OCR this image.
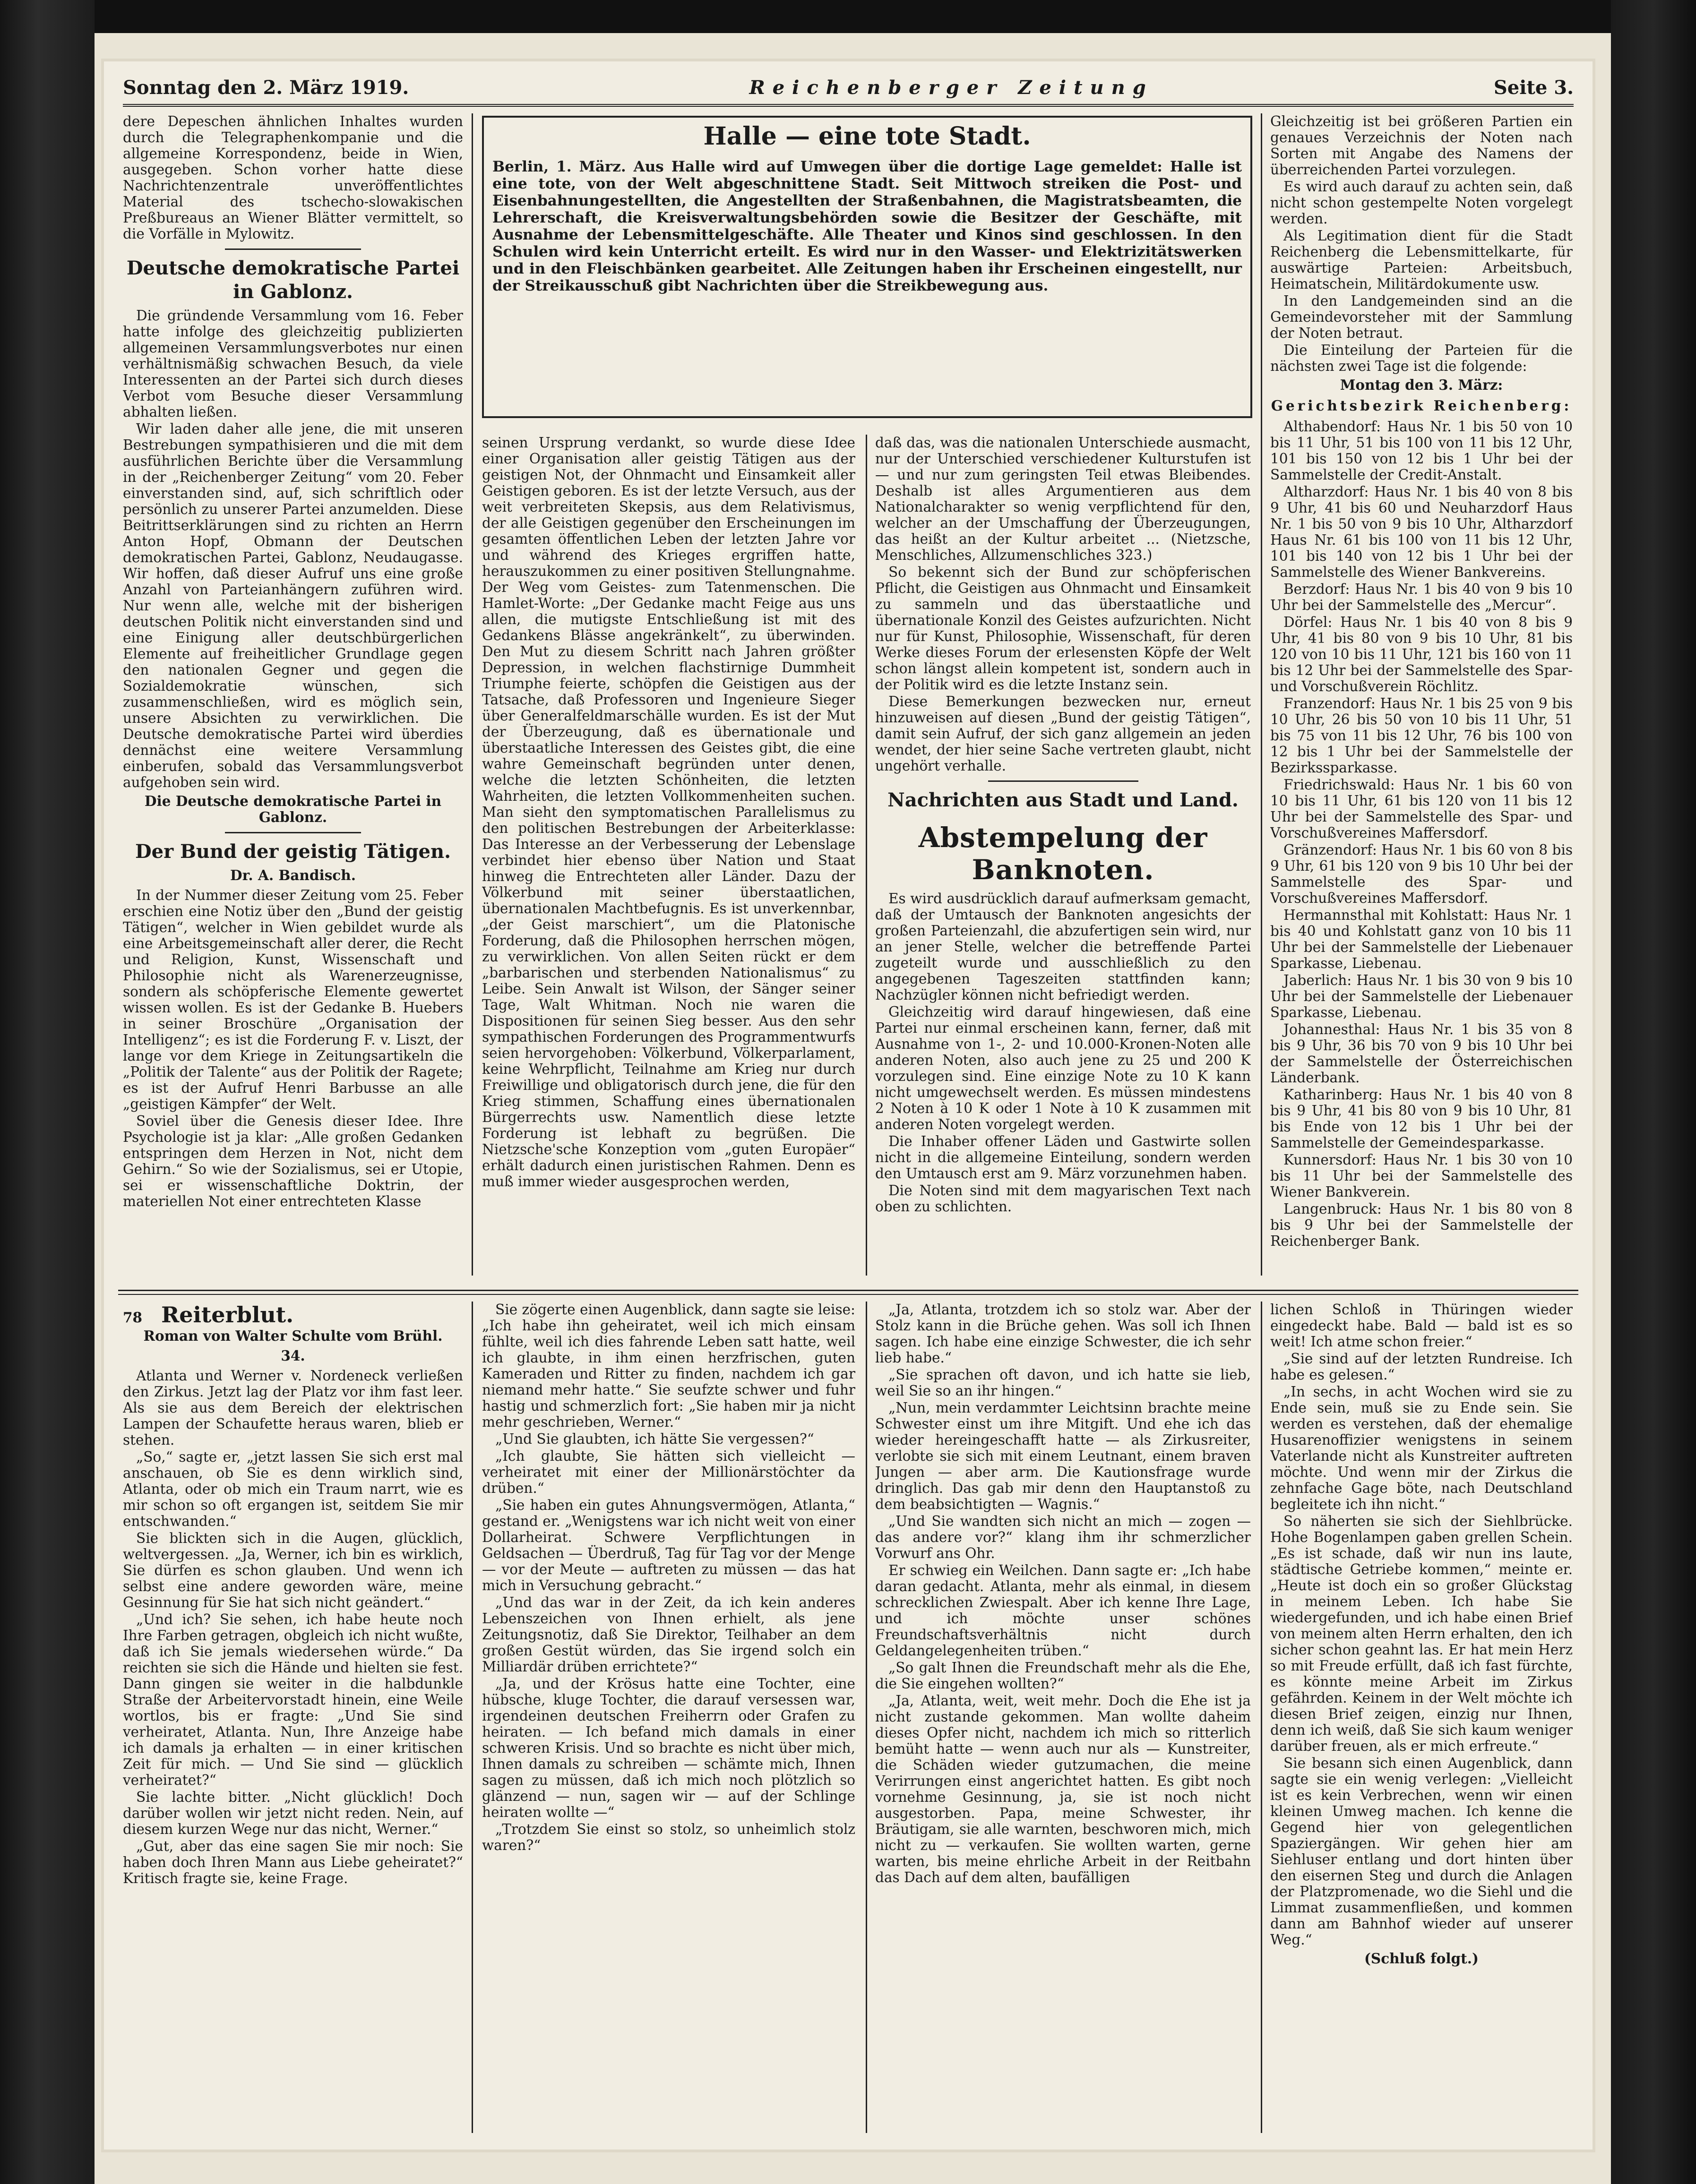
Sonntag den 2. März 1919.	Reichenberger Zeitung	Seite 3.

dere Depeschen ähnlichen Inhaltes wurden durch die Telegraphenkompanie und die allgemeine Korrespondenz, beide in Wien, ausgegeben. Schon vorher hatte diese Nachrichtenzentrale unveröffentlichtes Material des tschecho-slowakischen Preßbureaus an Wiener Blätter vermittelt, so die Vorfälle in Mylowitz.

Deutsche demokratische Partei in Gablonz.

Die gründende Versammlung vom 16. Feber hatte infolge des gleichzeitig publizierten allgemeinen Versammlungsverbotes nur einen verhältnismäßig schwachen Besuch, da viele Interessenten an der Partei sich durch dieses Verbot vom Besuche dieser Versammlung abhalten ließen.

Wir laden daher alle jene, die mit unseren Bestrebungen sympathisieren und die mit dem ausführlichen Berichte über die Versammlung in der „Reichenberger Zeitung“ vom 20. Feber einverstanden sind, auf, sich schriftlich oder persönlich zu unserer Partei anzumelden. Diese Beitrittserklärungen sind zu richten an Herrn Anton Hopf, Obmann der Deutschen demokratischen Partei, Gablonz, Neudaugasse. Wir hoffen, daß dieser Aufruf uns eine große Anzahl von Parteianhängern zuführen wird. Nur wenn alle, welche mit der bisherigen deutschen Politik nicht einverstanden sind und eine Einigung aller deutschbürgerlichen Elemente auf freiheitlicher Grundlage gegen den nationalen Gegner und gegen die Sozialdemokratie wünschen, sich zusammenschließen, wird es möglich sein, unsere Absichten zu verwirklichen. Die Deutsche demokratische Partei wird überdies dennächst eine weitere Versammlung einberufen, sobald das Versammlungsverbot aufgehoben sein wird.

Die Deutsche demokratische Partei in Gablonz.

Der Bund der geistig Tätigen.

Dr. A. Bandisch.

In der Nummer dieser Zeitung vom 25. Feber erschien eine Notiz über den „Bund der geistig Tätigen“, welcher in Wien gebildet wurde als eine Arbeitsgemeinschaft aller derer, die Recht und Religion, Kunst, Wissenschaft und Philosophie nicht als Warenerzeugnisse, sondern als schöpferische Elemente gewertet wissen wollen. Es ist der Gedanke B. Huebers in seiner Broschüre „Organisation der Intelligenz“; es ist die Forderung F. v. Liszt, der lange vor dem Kriege in Zeitungsartikeln die „Politik der Talente“ aus der Politik der Ragete; es ist der Aufruf Henri Barbusse an alle „geistigen Kämpfer“ der Welt.

Soviel über die Genesis dieser Idee. Ihre Psychologie ist ja klar: „Alle großen Gedanken entspringen dem Herzen in Not, nicht dem Gehirn.“ So wie der Sozialismus, sei er Utopie, sei er wissenschaftliche Doktrin, der materiellen Not einer entrechteten Klasse

Halle — eine tote Stadt.
Berlin, 1. März. Aus Halle wird auf Umwegen über die dortige Lage gemeldet: Halle ist eine tote, von der Welt abgeschnittene Stadt. Seit Mittwoch streiken die Post- und Eisenbahnungestellten, die Angestellten der Straßenbahnen, die Magistratsbeamten, die Lehrerschaft, die Kreisverwaltungsbehörden sowie die Besitzer der Geschäfte, mit Ausnahme der Lebensmittelgeschäfte. Alle Theater und Kinos sind geschlossen. In den Schulen wird kein Unterricht erteilt. Es wird nur in den Wasser- und Elektrizitätswerken und in den Fleischbänken gearbeitet. Alle Zeitungen haben ihr Erscheinen eingestellt, nur der Streikausschuß gibt Nachrichten über die Streikbewegung aus.

seinen Ursprung verdankt, so wurde diese Idee einer Organisation aller geistig Tätigen aus der geistigen Not, der Ohnmacht und Einsamkeit aller Geistigen geboren. Es ist der letzte Versuch, aus der weit verbreiteten Skepsis, aus dem Relativismus, der alle Geistigen gegenüber den Erscheinungen im gesamten öffentlichen Leben der letzten Jahre vor und während des Krieges ergriffen hatte, herauszukommen zu einer positiven Stellungnahme. Der Weg vom Geistes- zum Tatenmenschen. Die Hamlet-Worte: „Der Gedanke macht Feige aus uns allen, die mutigste Entschließung ist mit des Gedankens Blässe angekränkelt“, zu überwinden. Den Mut zu diesem Schritt nach Jahren größter Depression, in welchen flachstirnige Dummheit Triumphe feierte, schöpfen die Geistigen aus der Tatsache, daß Professoren und Ingenieure Sieger über Generalfeldmarschälle wurden. Es ist der Mut der Überzeugung, daß es übernationale und überstaatliche Interessen des Geistes gibt, die eine wahre Gemeinschaft begründen unter denen, welche die letzten Schönheiten, die letzten Wahrheiten, die letzten Vollkommenheiten suchen. Man sieht den symptomatischen Parallelismus zu den politischen Bestrebungen der Arbeiterklasse: Das Interesse an der Verbesserung der Lebenslage verbindet hier ebenso über Nation und Staat hinweg die Entrechteten aller Länder. Dazu der Völkerbund mit seiner überstaatlichen, übernationalen Machtbefugnis. Es ist unverkennbar, „der Geist marschiert“, um die Platonische Forderung, daß die Philosophen herrschen mögen, zu verwirklichen. Von allen Seiten rückt er dem „barbarischen und sterbenden Nationalismus“ zu Leibe. Sein Anwalt ist Wilson, der Sänger seiner Tage, Walt Whitman. Noch nie waren die Dispositionen für seinen Sieg besser. Aus den sehr sympathischen Forderungen des Programmentwurfs seien hervorgehoben: Völkerbund, Völkerparlament, keine Wehrpflicht, Teilnahme am Krieg nur durch Freiwillige und obligatorisch durch jene, die für den Krieg stimmen, Schaffung eines übernationalen Bürgerrechts usw. Namentlich diese letzte Forderung ist lebhaft zu begrüßen. Die Nietzsche'sche Konzeption vom „guten Europäer“ erhält dadurch einen juristischen Rahmen. Denn es muß immer wieder ausgesprochen werden,

daß das, was die nationalen Unterschiede ausmacht, nur der Unterschied verschiedener Kulturstufen ist — und nur zum geringsten Teil etwas Bleibendes. Deshalb ist alles Argumentieren aus dem Nationalcharakter so wenig verpflichtend für den, welcher an der Umschaffung der Überzeugungen, das heißt an der Kultur arbeitet ... (Nietzsche, Menschliches, Allzumenschliches 323.)

So bekennt sich der Bund zur schöpferischen Pflicht, die Geistigen aus Ohnmacht und Einsamkeit zu sammeln und das überstaatliche und übernationale Konzil des Geistes aufzurichten. Nicht nur für Kunst, Philosophie, Wissenschaft, für deren Werke dieses Forum der erlesensten Köpfe der Welt schon längst allein kompetent ist, sondern auch in der Politik wird es die letzte Instanz sein.

Diese Bemerkungen bezwecken nur, erneut hinzuweisen auf diesen „Bund der geistig Tätigen“, damit sein Aufruf, der sich ganz allgemein an jeden wendet, der hier seine Sache vertreten glaubt, nicht ungehört verhalle.

Nachrichten aus Stadt und Land.
Abstempelung der Banknoten.

Es wird ausdrücklich darauf aufmerksam gemacht, daß der Umtausch der Banknoten angesichts der großen Parteienzahl, die abzufertigen sein wird, nur an jener Stelle, welcher die betreffende Partei zugeteilt wurde und ausschließlich zu den angegebenen Tageszeiten stattfinden kann; Nachzügler können nicht befriedigt werden.

Gleichzeitig wird darauf hingewiesen, daß eine Partei nur einmal erscheinen kann, ferner, daß mit Ausnahme von 1-, 2- und 10.000-Kronen-Noten alle anderen Noten, also auch jene zu 25 und 200 K vorzulegen sind. Eine einzige Note zu 10 K kann nicht umgewechselt werden. Es müssen mindestens 2 Noten à 10 K oder 1 Note à 10 K zusammen mit anderen Noten vorgelegt werden.

Die Inhaber offener Läden und Gastwirte sollen nicht in die allgemeine Einteilung, sondern werden den Umtausch erst am 9. März vorzunehmen haben.

Die Noten sind mit dem magyarischen Text nach oben zu schlichten.

Gleichzeitig ist bei größeren Partien ein genaues Verzeichnis der Noten nach Sorten mit Angabe des Namens der überreichenden Partei vorzulegen.

Es wird auch darauf zu achten sein, daß nicht schon gestempelte Noten vorgelegt werden.

Als Legitimation dient für die Stadt Reichenberg die Lebensmittelkarte, für auswärtige Parteien: Arbeitsbuch, Heimatschein, Militärdokumente usw.

In den Landgemeinden sind an die Gemeindevorsteher mit der Sammlung der Noten betraut.

Die Einteilung der Parteien für die nächsten zwei Tage ist die folgende:

Montag den 3. März:

Gerichtsbezirk Reichenberg:

Althabendorf: Haus Nr. 1 bis 50 von 10 bis 11 Uhr, 51 bis 100 von 11 bis 12 Uhr, 101 bis 150 von 12 bis 1 Uhr bei der Sammelstelle der Credit-Anstalt.
Altharzdorf: Haus Nr. 1 bis 40 von 8 bis 9 Uhr, 41 bis 60 und Neuharzdorf Haus Nr. 1 bis 50 von 9 bis 10 Uhr, Altharzdorf Haus Nr. 61 bis 100 von 11 bis 12 Uhr, 101 bis 140 von 12 bis 1 Uhr bei der Sammelstelle des Wiener Bankvereins.
Berzdorf: Haus Nr. 1 bis 40 von 9 bis 10 Uhr bei der Sammelstelle des „Mercur“.
Dörfel: Haus Nr. 1 bis 40 von 8 bis 9 Uhr, 41 bis 80 von 9 bis 10 Uhr, 81 bis 120 von 10 bis 11 Uhr, 121 bis 160 von 11 bis 12 Uhr bei der Sammelstelle des Spar- und Vorschußverein Röchlitz.
Franzendorf: Haus Nr. 1 bis 25 von 9 bis 10 Uhr, 26 bis 50 von 10 bis 11 Uhr, 51 bis 75 von 11 bis 12 Uhr, 76 bis 100 von 12 bis 1 Uhr bei der Sammelstelle der Bezirkssparkasse.
Friedrichswald: Haus Nr. 1 bis 60 von 10 bis 11 Uhr, 61 bis 120 von 11 bis 12 Uhr bei der Sammelstelle des Spar- und Vorschußvereines Maffersdorf.
Gränzendorf: Haus Nr. 1 bis 60 von 8 bis 9 Uhr, 61 bis 120 von 9 bis 10 Uhr bei der Sammelstelle des Spar- und Vorschußvereines Maffersdorf.
Hermannsthal mit Kohlstatt: Haus Nr. 1 bis 40 und Kohlstatt ganz von 10 bis 11 Uhr bei der Sammelstelle der Liebenauer Sparkasse, Liebenau.
Jaberlich: Haus Nr. 1 bis 30 von 9 bis 10 Uhr bei der Sammelstelle der Liebenauer Sparkasse, Liebenau.
Johannesthal: Haus Nr. 1 bis 35 von 8 bis 9 Uhr, 36 bis 70 von 9 bis 10 Uhr bei der Sammelstelle der Österreichischen Länderbank.
Katharinberg: Haus Nr. 1 bis 40 von 8 bis 9 Uhr, 41 bis 80 von 9 bis 10 Uhr, 81 bis Ende von 12 bis 1 Uhr bei der Sammelstelle der Gemeindesparkasse.
Kunnersdorf: Haus Nr. 1 bis 30 von 10 bis 11 Uhr bei der Sammelstelle des Wiener Bankverein.
Langenbruck: Haus Nr. 1 bis 80 von 8 bis 9 Uhr bei der Sammelstelle der Reichenberger Bank.
78 Reiterblut.

Roman von Walter Schulte vom Brühl.

34.

Atlanta und Werner v. Nordeneck verließen den Zirkus. Jetzt lag der Platz vor ihm fast leer. Als sie aus dem Bereich der elektrischen Lampen der Schaufette heraus waren, blieb er stehen.

„So,“ sagte er, „jetzt lassen Sie sich erst mal anschauen, ob Sie es denn wirklich sind, Atlanta, oder ob mich ein Traum narrt, wie es mir schon so oft ergangen ist, seitdem Sie mir entschwanden.“

Sie blickten sich in die Augen, glücklich, weltvergessen. „Ja, Werner, ich bin es wirklich, Sie dürfen es schon glauben. Und wenn ich selbst eine andere geworden wäre, meine Gesinnung für Sie hat sich nicht geändert.“

„Und ich? Sie sehen, ich habe heute noch Ihre Farben getragen, obgleich ich nicht wußte, daß ich Sie jemals wiedersehen würde.“ Da reichten sie sich die Hände und hielten sie fest. Dann gingen sie weiter in die halbdunkle Straße der Arbeitervorstadt hinein, eine Weile wortlos, bis er fragte: „Und Sie sind verheiratet, Atlanta. Nun, Ihre Anzeige habe ich damals ja erhalten — in einer kritischen Zeit für mich. — Und Sie sind — glücklich verheiratet?“

Sie lachte bitter. „Nicht glücklich! Doch darüber wollen wir jetzt nicht reden. Nein, auf diesem kurzen Wege nur das nicht, Werner.“

„Gut, aber das eine sagen Sie mir noch: Sie haben doch Ihren Mann aus Liebe geheiratet?“ Kritisch fragte sie, keine Frage.

Sie zögerte einen Augenblick, dann sagte sie leise: „Ich habe ihn geheiratet, weil ich mich einsam fühlte, weil ich dies fahrende Leben satt hatte, weil ich glaubte, in ihm einen herzfrischen, guten Kameraden und Ritter zu finden, nachdem ich gar niemand mehr hatte.“ Sie seufzte schwer und fuhr hastig und schmerzlich fort: „Sie haben mir ja nicht mehr geschrieben, Werner.“

„Und Sie glaubten, ich hätte Sie vergessen?“

„Ich glaubte, Sie hätten sich vielleicht — verheiratet mit einer der Millionärstöchter da drüben.“

„Sie haben ein gutes Ahnungsvermögen, Atlanta,“ gestand er. „Wenigstens war ich nicht weit von einer Dollarheirat. Schwere Verpflichtungen in Geldsachen — Überdruß, Tag für Tag vor der Menge — vor der Meute — auftreten zu müssen — das hat mich in Versuchung gebracht.“

„Und das war in der Zeit, da ich kein anderes Lebenszeichen von Ihnen erhielt, als jene Zeitungsnotiz, daß Sie Direktor, Teilhaber an dem großen Gestüt würden, das Sie irgend solch ein Milliardär drüben errichtete?“

„Ja, und der Krösus hatte eine Tochter, eine hübsche, kluge Tochter, die darauf versessen war, irgendeinen deutschen Freiherrn oder Grafen zu heiraten. — Ich befand mich damals in einer schweren Krisis. Und so brachte es nicht über mich, Ihnen damals zu schreiben — schämte mich, Ihnen sagen zu müssen, daß ich mich noch plötzlich so glänzend — nun, sagen wir — auf der Schlinge heiraten wollte —“

„Trotzdem Sie einst so stolz, so unheimlich stolz waren?“

„Ja, Atlanta, trotzdem ich so stolz war. Aber der Stolz kann in die Brüche gehen. Was soll ich Ihnen sagen. Ich habe eine einzige Schwester, die ich sehr lieb habe.“

„Sie sprachen oft davon, und ich hatte sie lieb, weil Sie so an ihr hingen.“

„Nun, mein verdammter Leichtsinn brachte meine Schwester einst um ihre Mitgift. Und ehe ich das wieder hereingeschafft hatte — als Zirkusreiter, verlobte sie sich mit einem Leutnant, einem braven Jungen — aber arm. Die Kautionsfrage wurde dringlich. Das gab mir denn den Hauptanstoß zu dem beabsichtigten — Wagnis.“

„Und Sie wandten sich nicht an mich — zogen — das andere vor?“ klang ihm ihr schmerzlicher Vorwurf ans Ohr.

Er schwieg ein Weilchen. Dann sagte er: „Ich habe daran gedacht. Atlanta, mehr als einmal, in diesem schrecklichen Zwiespalt. Aber ich kenne Ihre Lage, und ich möchte unser schönes Freundschaftsverhältnis nicht durch Geldangelegenheiten trüben.“

„So galt Ihnen die Freundschaft mehr als die Ehe, die Sie eingehen wollten?“

„Ja, Atlanta, weit, weit mehr. Doch die Ehe ist ja nicht zustande gekommen. Man wollte daheim dieses Opfer nicht, nachdem ich mich so ritterlich bemüht hatte — wenn auch nur als — Kunstreiter, die Schäden wieder gutzumachen, die meine Verirrungen einst angerichtet hatten. Es gibt noch vornehme Gesinnung, ja, sie ist noch nicht ausgestorben. Papa, meine Schwester, ihr Bräutigam, sie alle warnten, beschworen mich, mich nicht zu — verkaufen. Sie wollten warten, gerne warten, bis meine ehrliche Arbeit in der Reitbahn das Dach auf dem alten, baufälligen

lichen Schloß in Thüringen wieder eingedeckt habe. Bald — bald ist es so weit! Ich atme schon freier.“

„Sie sind auf der letzten Rundreise. Ich habe es gelesen.“

„In sechs, in acht Wochen wird sie zu Ende sein, muß sie zu Ende sein. Sie werden es verstehen, daß der ehemalige Husarenoffizier wenigstens in seinem Vaterlande nicht als Kunstreiter auftreten möchte. Und wenn mir der Zirkus die zehnfache Gage böte, nach Deutschland begleitete ich ihn nicht.“

So näherten sie sich der Siehlbrücke. Hohe Bogenlampen gaben grellen Schein. „Es ist schade, daß wir nun ins laute, städtische Getriebe kommen,“ meinte er. „Heute ist doch ein so großer Glückstag in meinem Leben. Ich habe Sie wiedergefunden, und ich habe einen Brief von meinem alten Herrn erhalten, den ich sicher schon geahnt las. Er hat mein Herz so mit Freude erfüllt, daß ich fast fürchte, es könnte meine Arbeit im Zirkus gefährden. Keinem in der Welt möchte ich diesen Brief zeigen, einzig nur Ihnen, denn ich weiß, daß Sie sich kaum weniger darüber freuen, als er mich erfreute.“

Sie besann sich einen Augenblick, dann sagte sie ein wenig verlegen: „Vielleicht ist es kein Verbrechen, wenn wir einen kleinen Umweg machen. Ich kenne die Gegend hier von gelegentlichen Spaziergängen. Wir gehen hier am Siehluser entlang und dort hinten über den eisernen Steg und durch die Anlagen der Platzpromenade, wo die Siehl und die Limmat zusammenfließen, und kommen dann am Bahnhof wieder auf unserer Weg.“

(Schluß folgt.)
